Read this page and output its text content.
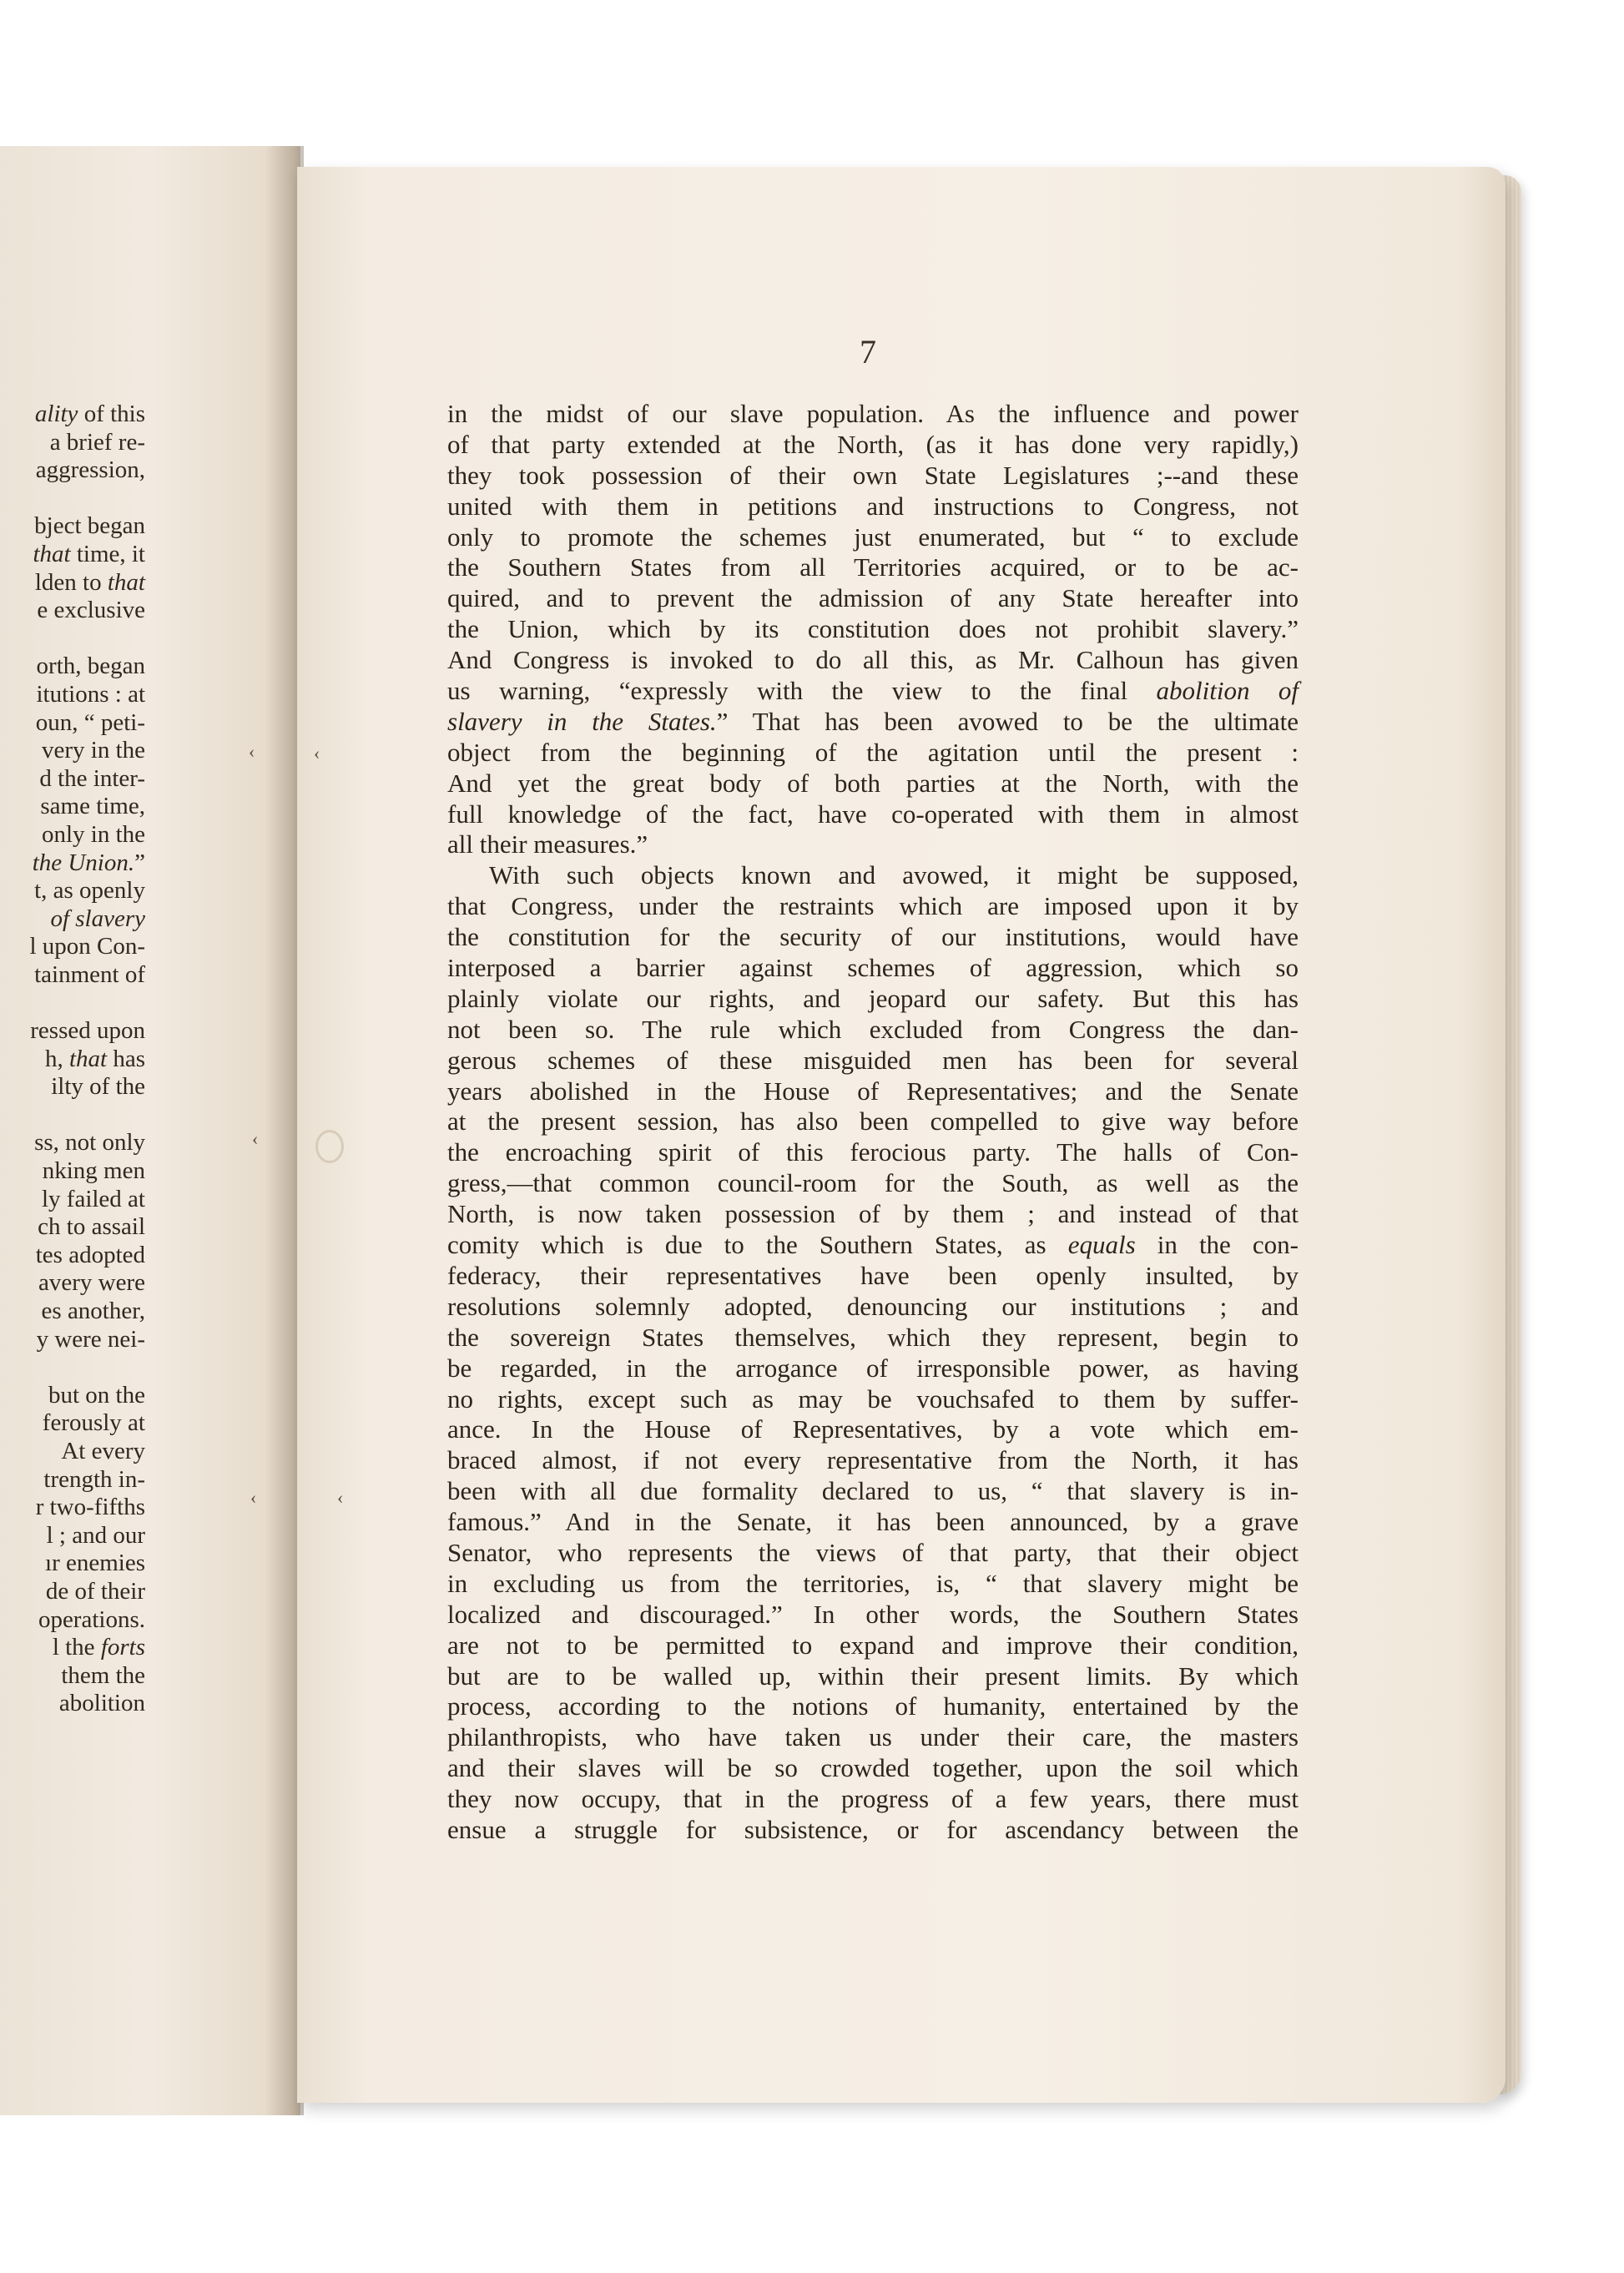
ality of this
a brief re-
aggression,
bject began
that time, it
lden to that
e exclusive
orth, began
itutions : at
oun, “ peti-
very in the
d the inter-
same time,
only in the
the Union.”
t, as openly
of slavery
l upon Con-
tainment of
ressed upon
h, that has
ilty of the
ss, not only
nking men
ly failed at
ch to assail
tes adopted
avery were
es another,
y were nei-
but on the
ferously at
At every
trength in-
r two-fifths
l ; and our
ır enemies
de of their
operations.
l the forts
them the
abolition
7
in the midst of our slave population. As the influence and power
of that party extended at the North, (as it has done very rapidly,)
they took possession of their own State Legislatures ;--and these
united with them in petitions and instructions to Congress, not
only to promote the schemes just enumerated, but “ to exclude
the Southern States from all Territories acquired, or to be ac-
quired, and to prevent the admission of any State hereafter into
the Union, which by its constitution does not prohibit slavery.”
And Congress is invoked to do all this, as Mr. Calhoun has given
us warning, “expressly with the view to the final abolition of
slavery in the States.” That has been avowed to be the ultimate
object from the beginning of the agitation until the present :
And yet the great body of both parties at the North, with the
full knowledge of the fact, have co-operated with them in almost
all their measures.”
With such objects known and avowed, it might be supposed,
that Congress, under the restraints which are imposed upon it by
the constitution for the security of our institutions, would have
interposed a barrier against schemes of aggression, which so
plainly violate our rights, and jeopard our safety. But this has
not been so. The rule which excluded from Congress the dan-
gerous schemes of these misguided men has been for several
years abolished in the House of Representatives; and the Senate
at the present session, has also been compelled to give way before
the encroaching spirit of this ferocious party. The halls of Con-
gress,—that common council-room for the South, as well as the
North, is now taken possession of by them ; and instead of that
comity which is due to the Southern States, as equals in the con-
federacy, their representatives have been openly insulted, by
resolutions solemnly adopted, denouncing our institutions ; and
the sovereign States themselves, which they represent, begin to
be regarded, in the arrogance of irresponsible power, as having
no rights, except such as may be vouchsafed to them by suffer-
ance. In the House of Representatives, by a vote which em-
braced almost, if not every representative from the North, it has
been with all due formality declared to us, “ that slavery is in-
famous.” And in the Senate, it has been announced, by a grave
Senator, who represents the views of that party, that their object
in excluding us from the territories, is, “ that slavery might be
localized and discouraged.” In other words, the Southern States
are not to be permitted to expand and improve their condition,
but are to be walled up, within their present limits. By which
process, according to the notions of humanity, entertained by the
philanthropists, who have taken us under their care, the masters
and their slaves will be so crowded together, upon the soil which
they now occupy, that in the progress of a few years, there must
ensue a struggle for subsistence, or for ascendancy between the
‹	‹
‹
‹	‹
